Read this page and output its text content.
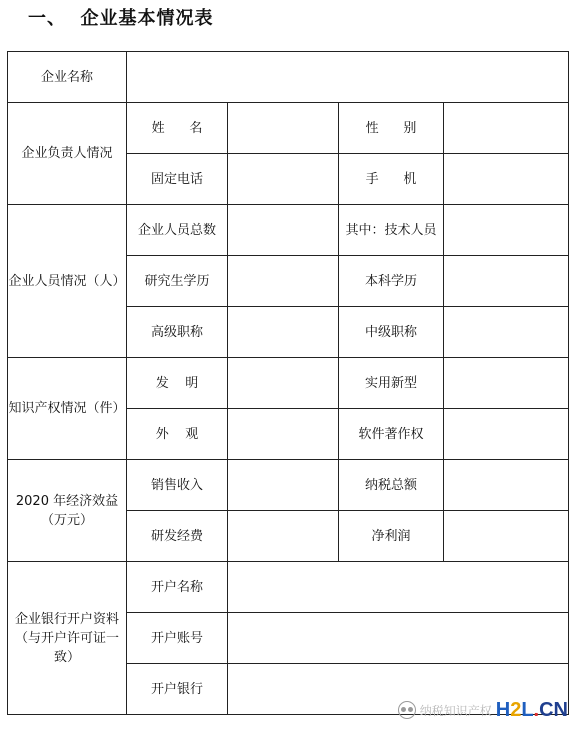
一、  企业基本情况表
企业名称				
企业负责人情况	姓      名		性      别	
	固定电话		手      机	
企业人员情况（人）	企业人员总数		其中：技术人员	
	研究生学历		本科学历	
	高级职称		中级职称	
知识产权情况（件）	发    明		实用新型	
	外    观		软件著作权	
2020 年经济效益
（万元）	销售收入		纳税总额	
	研发经费		净利润	
企业银行开户资料
（与开户许可证一
致）	开户名称			
	开户账号			
	开户银行			
纳税知识产权 H2L.CN
